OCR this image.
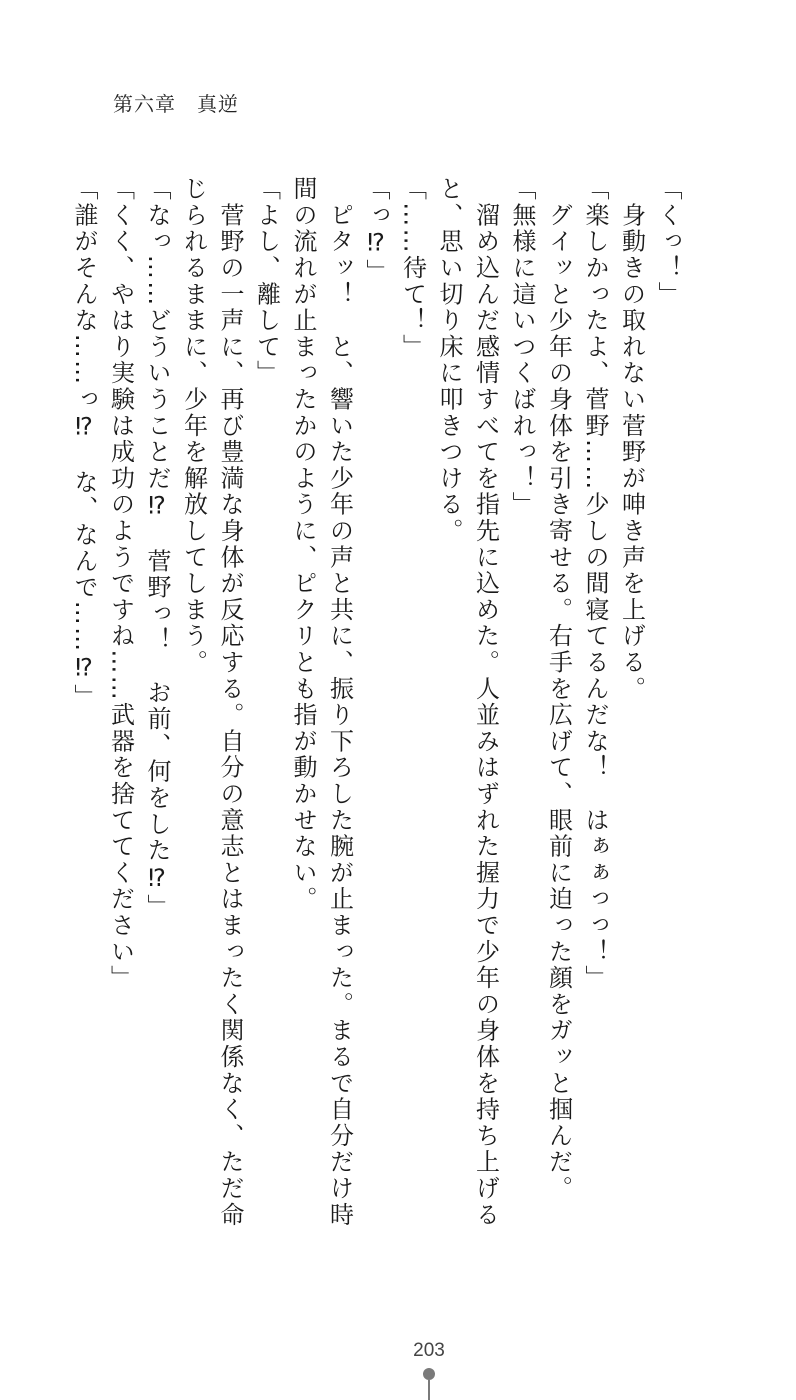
第六章　真逆
「くっ！」
　身動きの取れない菅野が呻き声を上げる。
「楽しかったよ、菅野……少しの間寝てるんだな！　はぁぁっっ！」
　グイッと少年の身体を引き寄せる。右手を広げて、眼前に迫った顔をガッと掴んだ。
「無様に這いつくばれっ！」
　溜め込んだ感情すべてを指先に込めた。人並みはずれた握力で少年の身体を持ち上げる
と、思い切り床に叩きつける。
「……待て！」
「っ⁉」
　ピタッ！　と、響いた少年の声と共に、振り下ろした腕が止まった。まるで自分だけ時
間の流れが止まったかのように、ピクリとも指が動かせない。
「よし、離して」
　菅野の一声に、再び豊満な身体が反応する。自分の意志とはまったく関係なく、ただ命
じられるままに、少年を解放してしまう。
「なっ……どういうことだ⁉　菅野っ！　お前、何をした⁉」
「くく、やはり実験は成功のようですね……武器を捨ててください」
「誰がそんな……っ⁉　な、なんで……⁉」
203
